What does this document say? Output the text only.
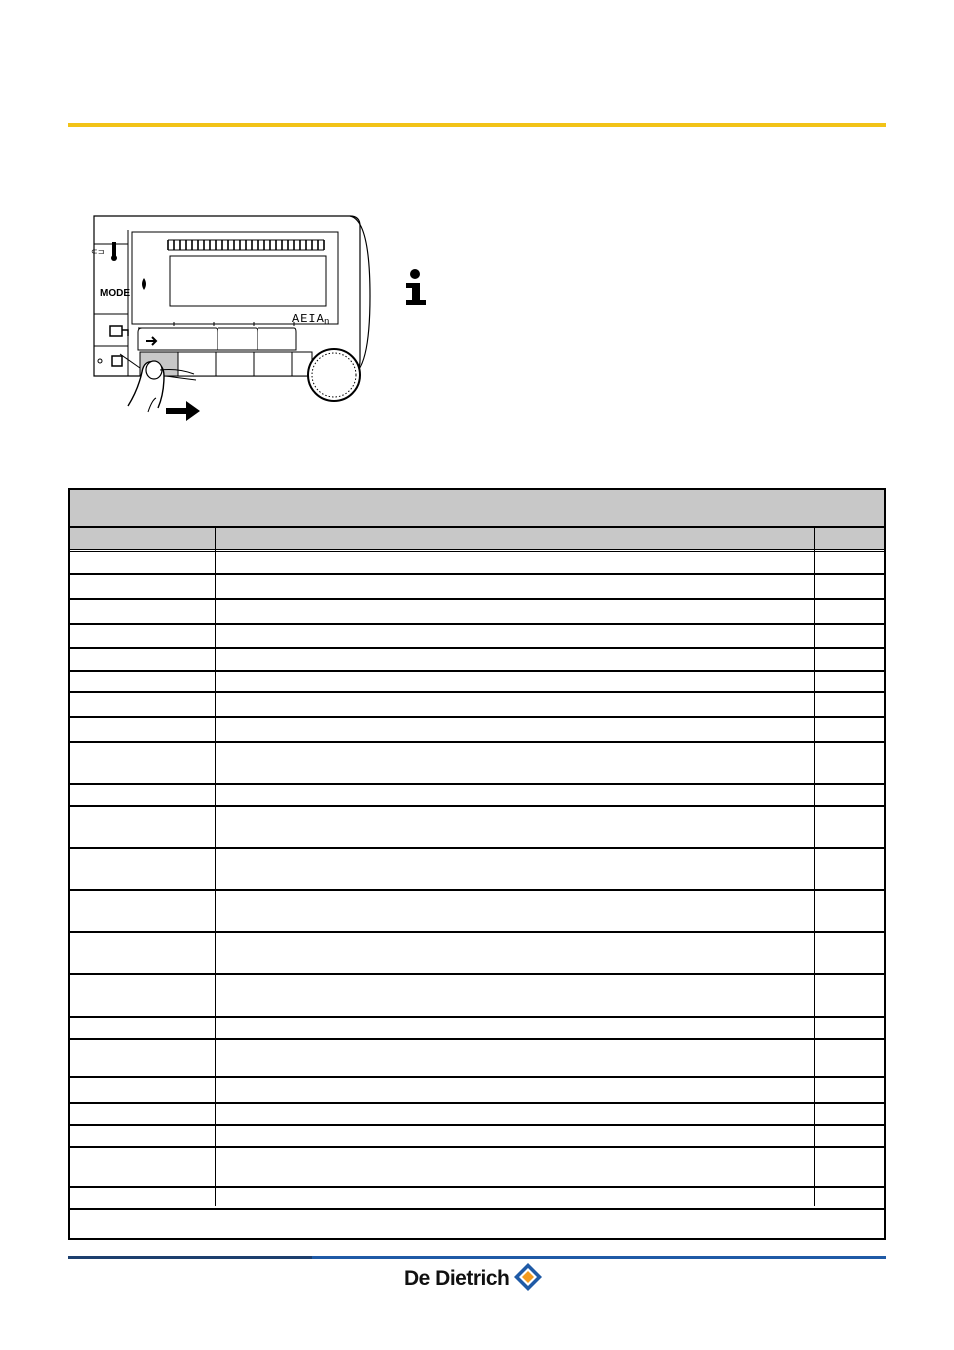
⊂⊐
MODE
AEIA n
De Dietrich
